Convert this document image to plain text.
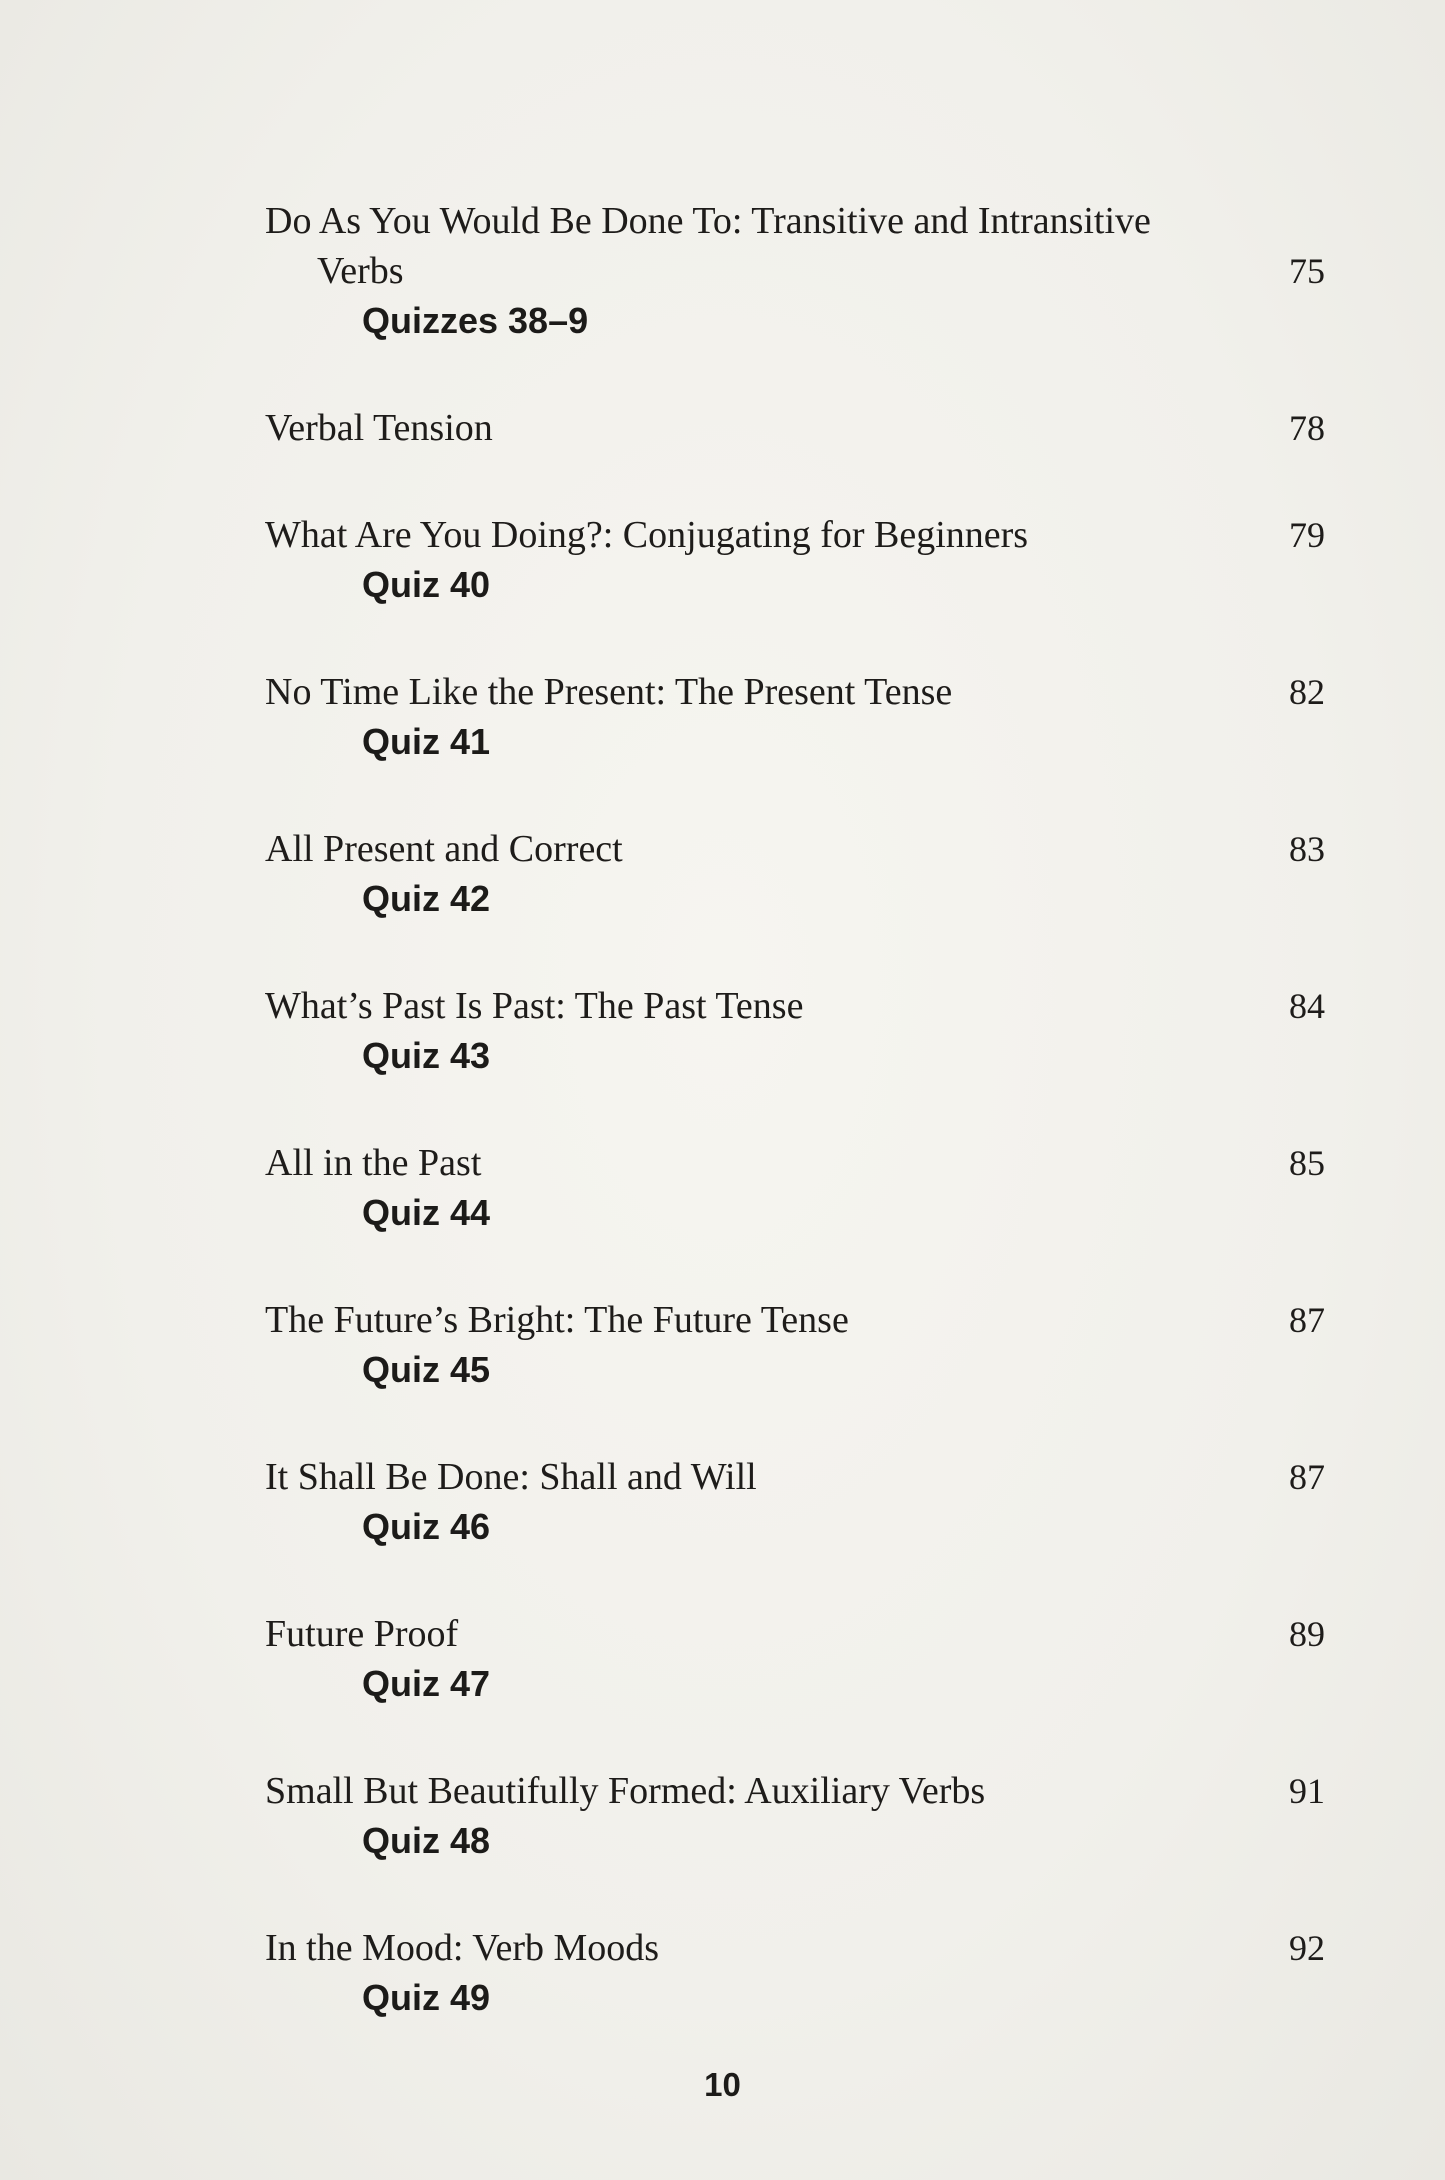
Do As You Would Be Done To: Transitive and Intransitive
Verbs	75
Quizzes 38–9
Verbal Tension	78
What Are You Doing?: Conjugating for Beginners	79
Quiz 40
No Time Like the Present: The Present Tense	82
Quiz 41
All Present and Correct	83
Quiz 42
What’s Past Is Past: The Past Tense	84
Quiz 43
All in the Past	85
Quiz 44
The Future’s Bright: The Future Tense	87
Quiz 45
It Shall Be Done: Shall and Will	87
Quiz 46
Future Proof	89
Quiz 47
Small But Beautifully Formed: Auxiliary Verbs	91
Quiz 48
In the Mood: Verb Moods	92
Quiz 49
10
